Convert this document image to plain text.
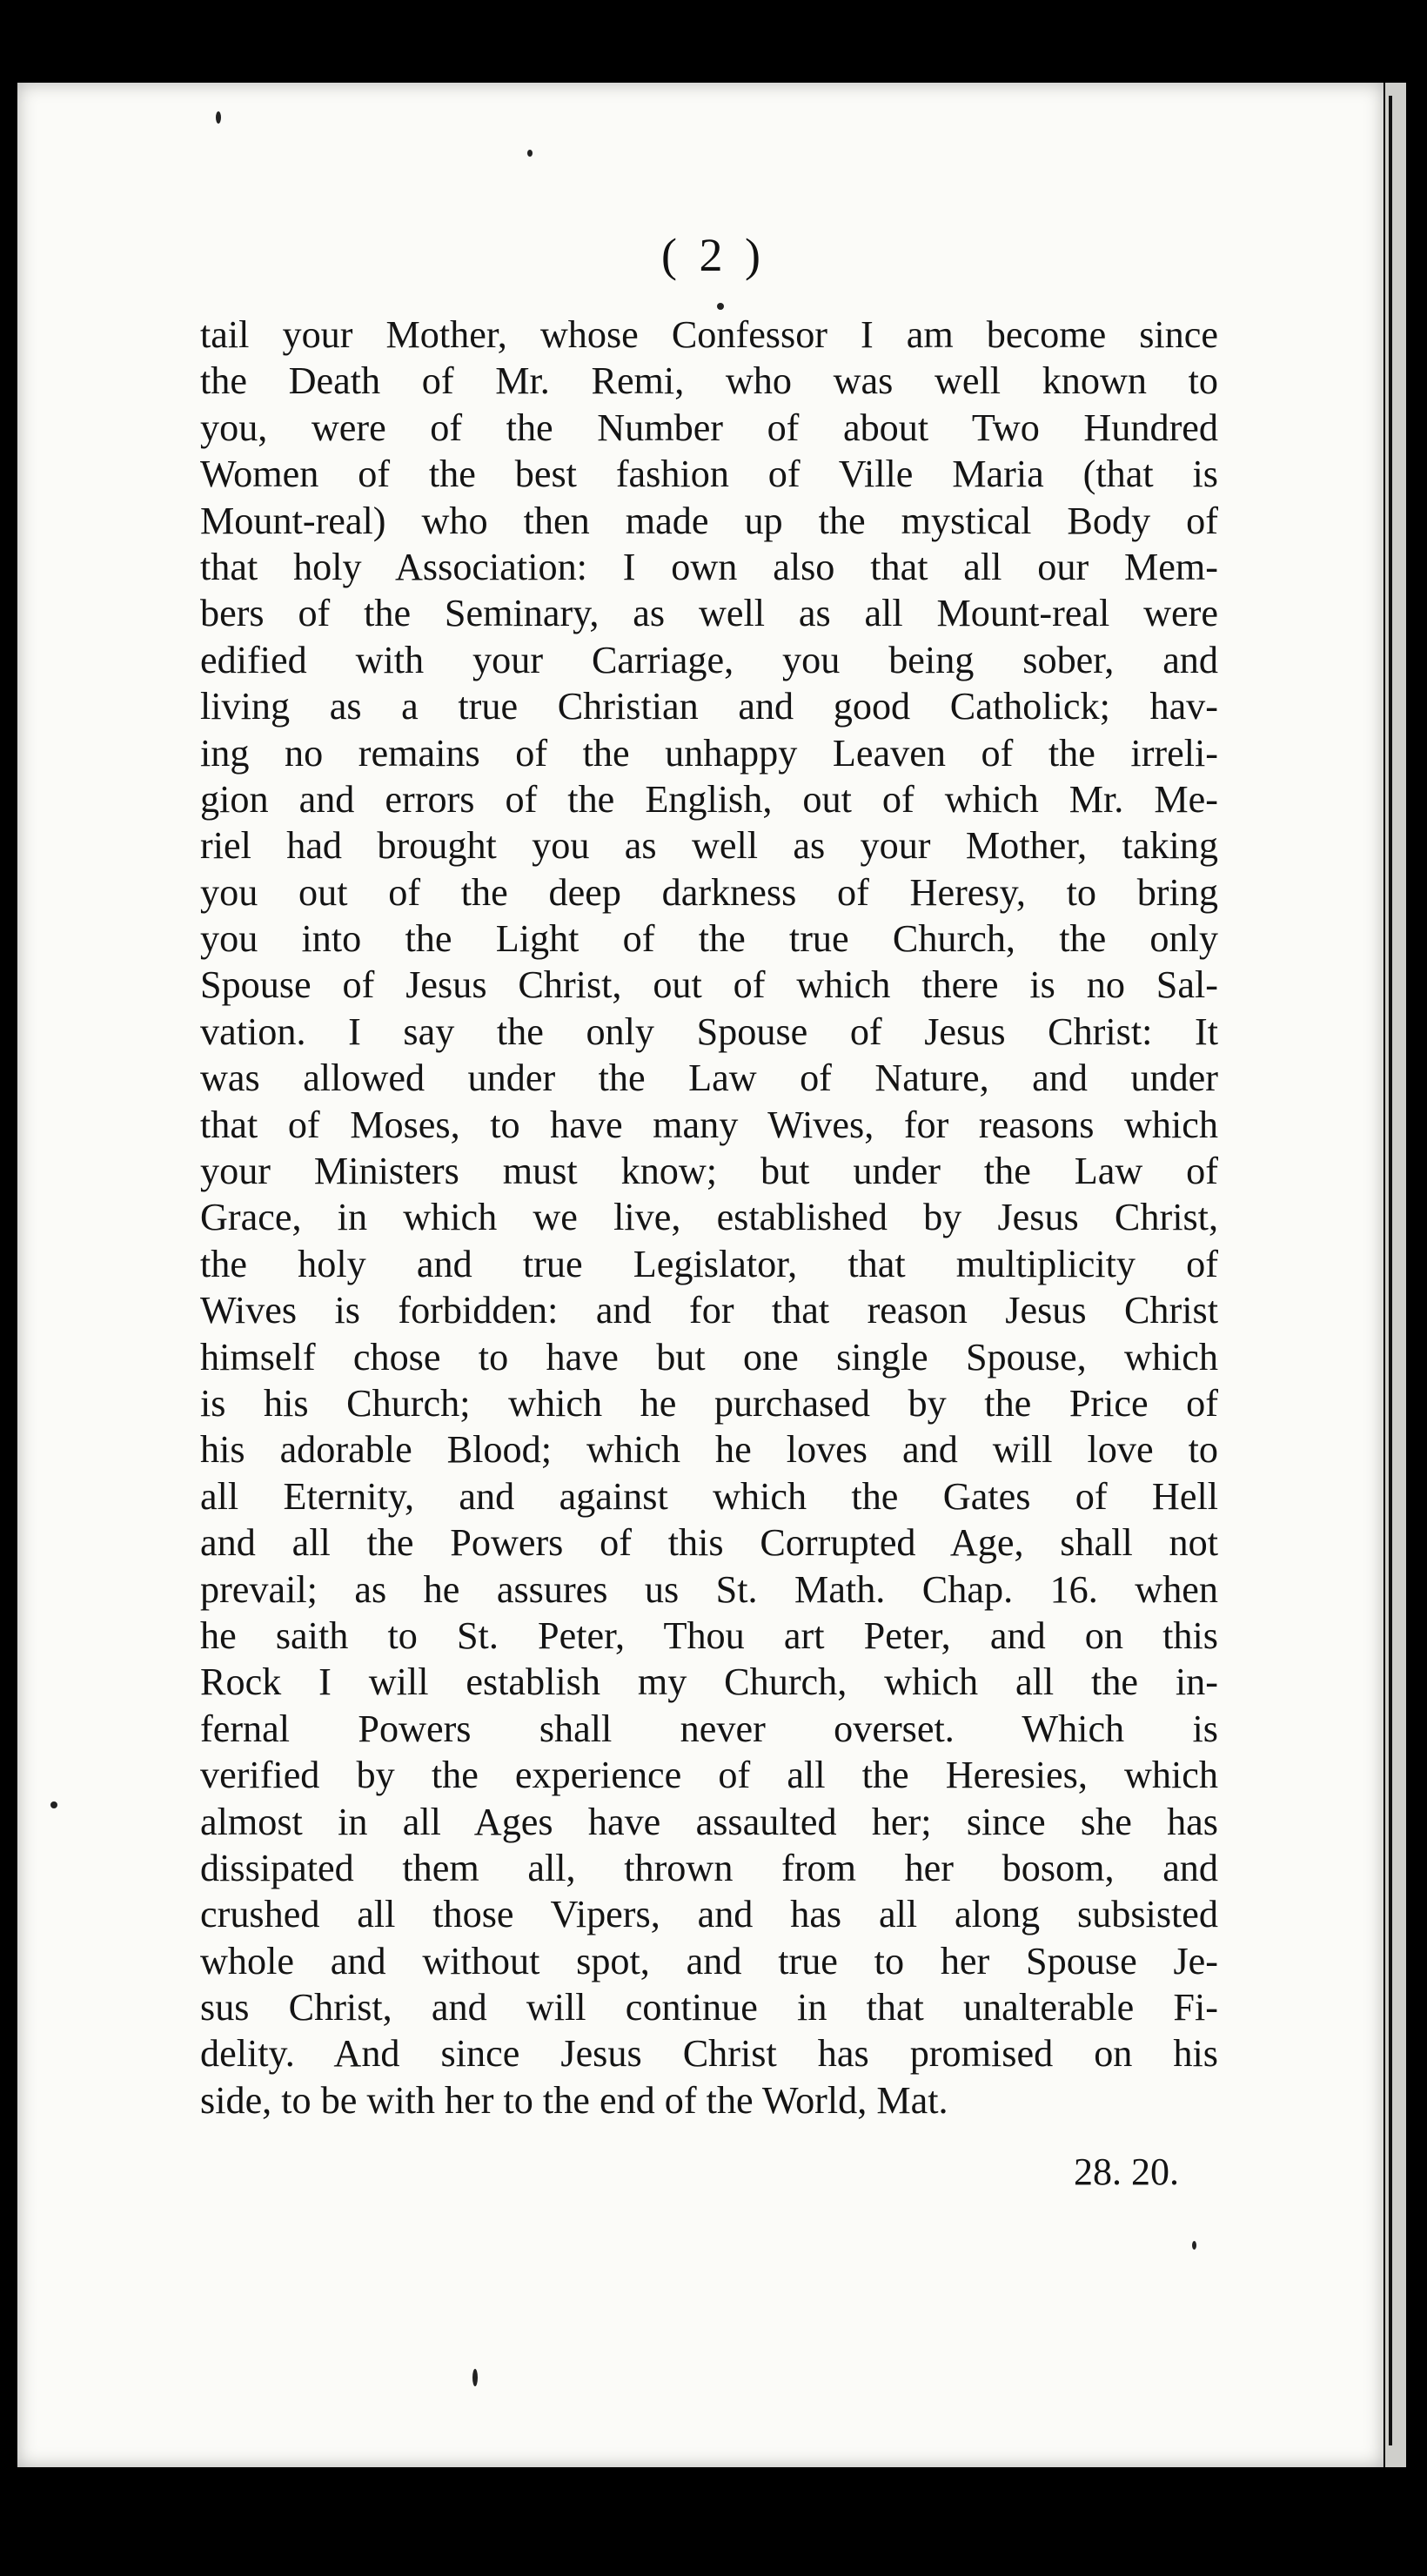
( 2 )
tail your Mother, whose Confessor I am become since
the Death of Mr. Remi, who was well known to
you, were of the Number of about Two Hundred
Women of the best fashion of Ville Maria (that is
Mount-real) who then made up the mystical Body of
that holy Association: I own also that all our Mem-
bers of the Seminary, as well as all Mount-real were
edified with your Carriage, you being sober, and
living as a true Christian and good Catholick; hav-
ing no remains of the unhappy Leaven of the irreli-
gion and errors of the English, out of which Mr. Me-
riel had brought you as well as your Mother, taking
you out of the deep darkness of Heresy, to bring
you into the Light of the true Church, the only
Spouse of Jesus Christ, out of which there is no Sal-
vation. I say the only Spouse of Jesus Christ: It
was allowed under the Law of Nature, and under
that of Moses, to have many Wives, for reasons which
your Ministers must know; but under the Law of
Grace, in which we live, established by Jesus Christ,
the holy and true Legislator, that multiplicity of
Wives is forbidden: and for that reason Jesus Christ
himself chose to have but one single Spouse, which
is his Church; which he purchased by the Price of
his adorable Blood; which he loves and will love to
all Eternity, and against which the Gates of Hell
and all the Powers of this Corrupted Age, shall not
prevail; as he assures us St. Math. Chap. 16. when
he saith to St. Peter, Thou art Peter, and on this
Rock I will establish my Church, which all the in-
fernal Powers shall never overset. Which is
verified by the experience of all the Heresies, which
almost in all Ages have assaulted her; since she has
dissipated them all, thrown from her bosom, and
crushed all those Vipers, and has all along subsisted
whole and without spot, and true to her Spouse Je-
sus Christ, and will continue in that unalterable Fi-
delity. And since Jesus Christ has promised on his
side, to be with her to the end of the World, Mat.
28. 20.
